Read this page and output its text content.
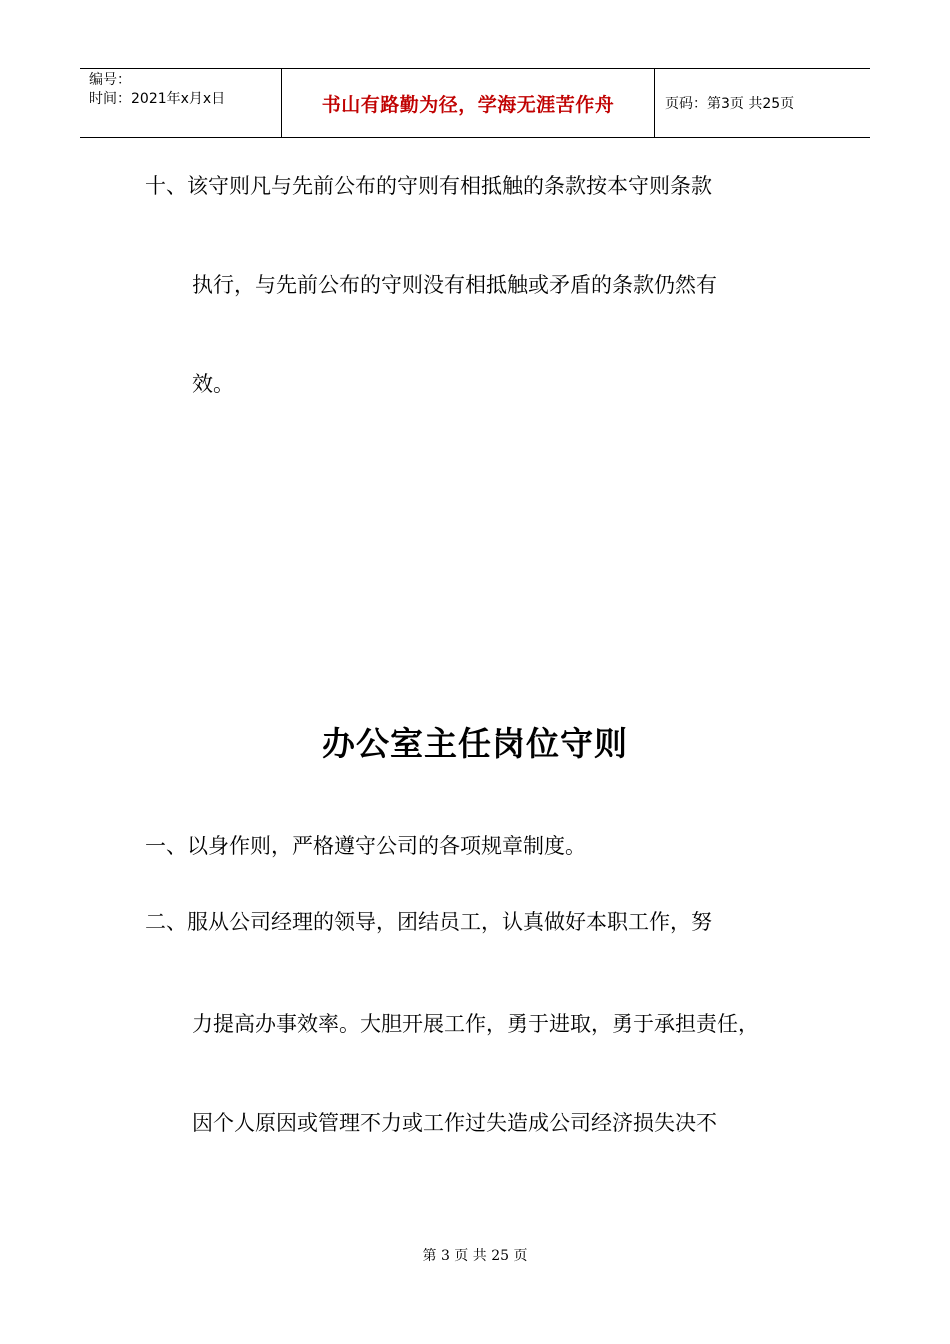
编号：
时间：2021年x月x日	书山有路勤为径，学海无涯苦作舟	页码：第3页 共25页
十、该守则凡与先前公布的守则有相抵触的条款按本守则条款
执行，与先前公布的守则没有相抵触或矛盾的条款仍然有
效。
办公室主任岗位守则
一、以身作则，严格遵守公司的各项规章制度。
二、服从公司经理的领导，团结员工，认真做好本职工作，努
力提高办事效率。大胆开展工作，勇于进取，勇于承担责任，
因个人原因或管理不力或工作过失造成公司经济损失决不
第 3 页 共 25 页
